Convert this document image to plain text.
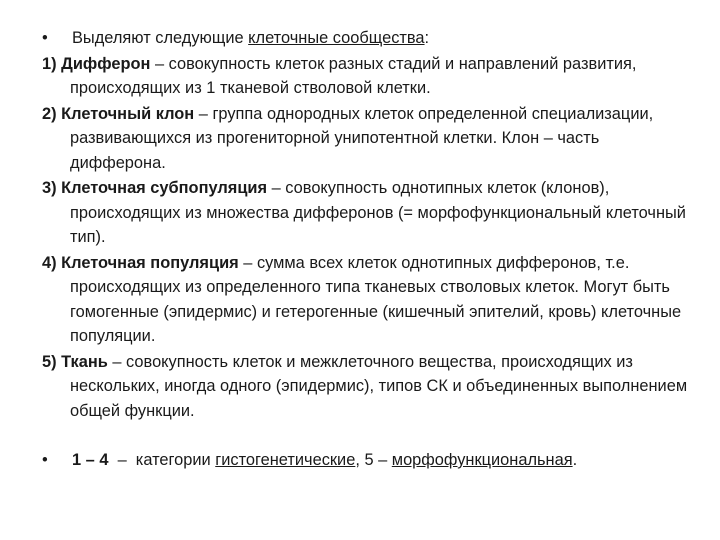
•	Выделяют следующие клеточные сообщества:
1) Дифферон – совокупность клеток разных стадий и направлений развития, происходящих из 1 тканевой стволовой клетки.
2) Клеточный клон – группа однородных клеток определенной специализации, развивающихся из прогениторной унипотентной клетки. Клон – часть дифферона.
3) Клеточная субпопуляция – совокупность однотипных клеток (клонов), происходящих из множества дифферонов (= морфофункциональный клеточный тип).
4) Клеточная популяция – сумма всех клеток однотипных дифферонов, т.е. происходящих из определенного типа тканевых стволовых клеток. Могут быть гомогенные (эпидермис) и гетерогенные (кишечный эпителий, кровь) клеточные популяции.
5) Ткань – совокупность клеток и межклеточного вещества, происходящих из нескольких, иногда одного (эпидермис), типов СК и объединенных выполнением общей функции.
•	1 – 4  –  категории гистогенетические, 5 – морфофункциональная.
